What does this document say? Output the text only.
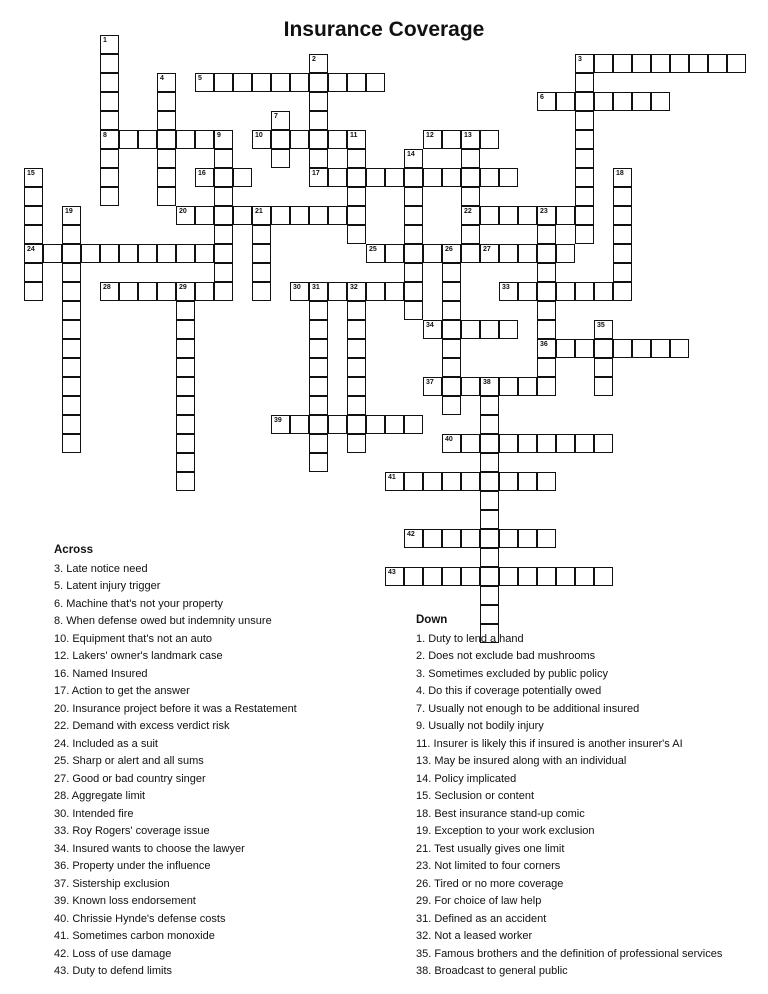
Insurance Coverage
1
8
2
17
3
4	5
6
7
9	10	11	12	13
22
14
15
24
16	18
19	20	21	23
36
25	26	27
28	29	30 31	32	33
34	35
37	38
39
40
41
42
43
Across
3. Late notice need
5. Latent injury trigger
6. Machine that's not your property
8. When defense owed but indemnity unsure
10. Equipment that's not an auto
12. Lakers' owner's landmark case
16. Named Insured
17. Action to get the answer
20. Insurance project before it was a Restatement
22. Demand with excess verdict risk
24. Included as a suit
25. Sharp or alert and all sums
27. Good or bad country singer
28. Aggregate limit
30. Intended fire
33. Roy Rogers' coverage issue
34. Insured wants to choose the lawyer
36. Property under the influence
37. Sistership exclusion
39. Known loss endorsement
40. Chrissie Hynde's defense costs
41. Sometimes carbon monoxide
42. Loss of use damage
43. Duty to defend limits
Down
1. Duty to lend a hand
2. Does not exclude bad mushrooms
3. Sometimes excluded by public policy
4. Do this if coverage potentially owed
7. Usually not enough to be additional insured
9. Usually not bodily injury
11. Insurer is likely this if insured is another insurer's AI
13. May be insured along with an individual
14. Policy implicated
15. Seclusion or content
18. Best insurance stand-up comic
19. Exception to your work exclusion
21. Test usually gives one limit
23. Not limited to four corners
26. Tired or no more coverage
29. For choice of law help
31. Defined as an accident
32. Not a leased worker
35. Famous brothers and the definition of professional services
38. Broadcast to general public
